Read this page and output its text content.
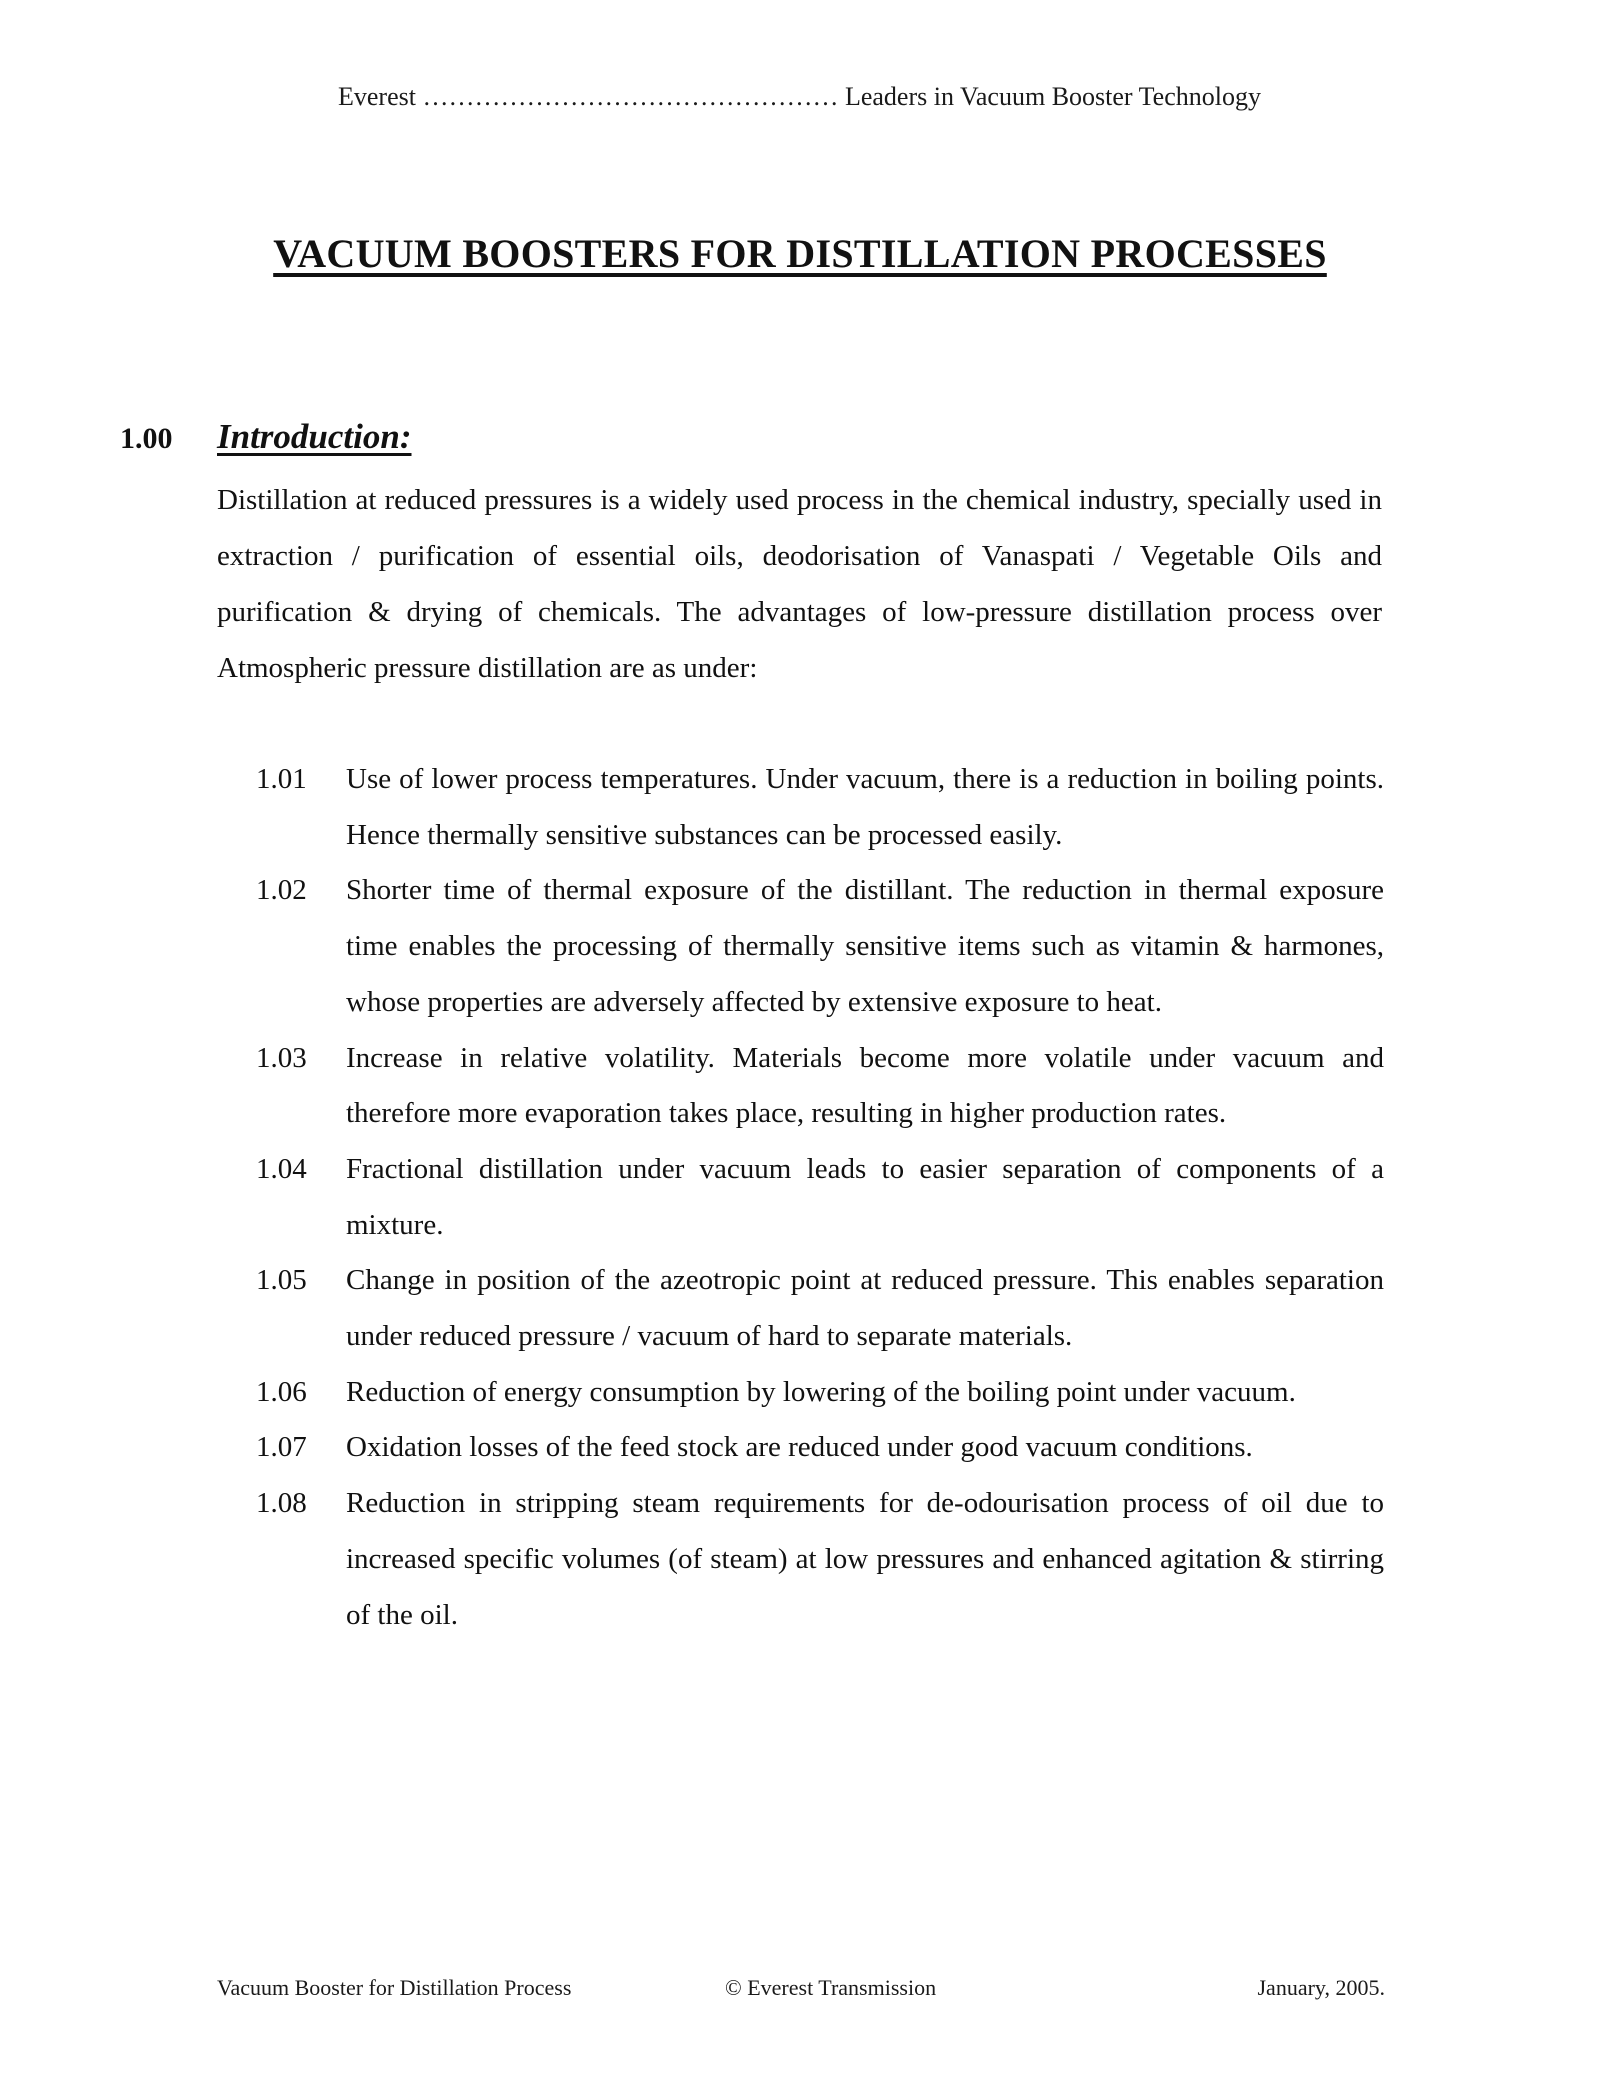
Everest ………………………………………… Leaders in Vacuum Booster Technology
VACUUM BOOSTERS FOR DISTILLATION PROCESSES
1.00 Introduction:

Distillation at reduced pressures is a widely used process in the chemical industry, specially used in extraction / purification of essential oils, deodorisation of Vanaspati / Vegetable Oils and purification & drying of chemicals. The advantages of low-pressure distillation process over Atmospheric pressure distillation are as under:

1.01	Use of lower process temperatures. Under vacuum, there is a reduction in boiling points. Hence thermally sensitive substances can be processed easily.

1.02	Shorter time of thermal exposure of the distillant. The reduction in thermal exposure time enables the processing of thermally sensitive items such as vitamin & harmones, whose properties are adversely affected by extensive exposure to heat.

1.03	Increase in relative volatility. Materials become more volatile under vacuum and therefore more evaporation takes place, resulting in higher production rates.

1.04	Fractional distillation under vacuum leads to easier separation of components of a mixture.

1.05	Change in position of the azeotropic point at reduced pressure. This enables separation under reduced pressure / vacuum of hard to separate materials.

1.06	Reduction of energy consumption by lowering of the boiling point under vacuum.

1.07	Oxidation losses of the feed stock are reduced under good vacuum conditions.

1.08	Reduction in stripping steam requirements for de-odourisation process of oil due to increased specific volumes (of steam) at low pressures and enhanced agitation & stirring of the oil.

Vacuum Booster for Distillation Process	© Everest Transmission	January, 2005.
